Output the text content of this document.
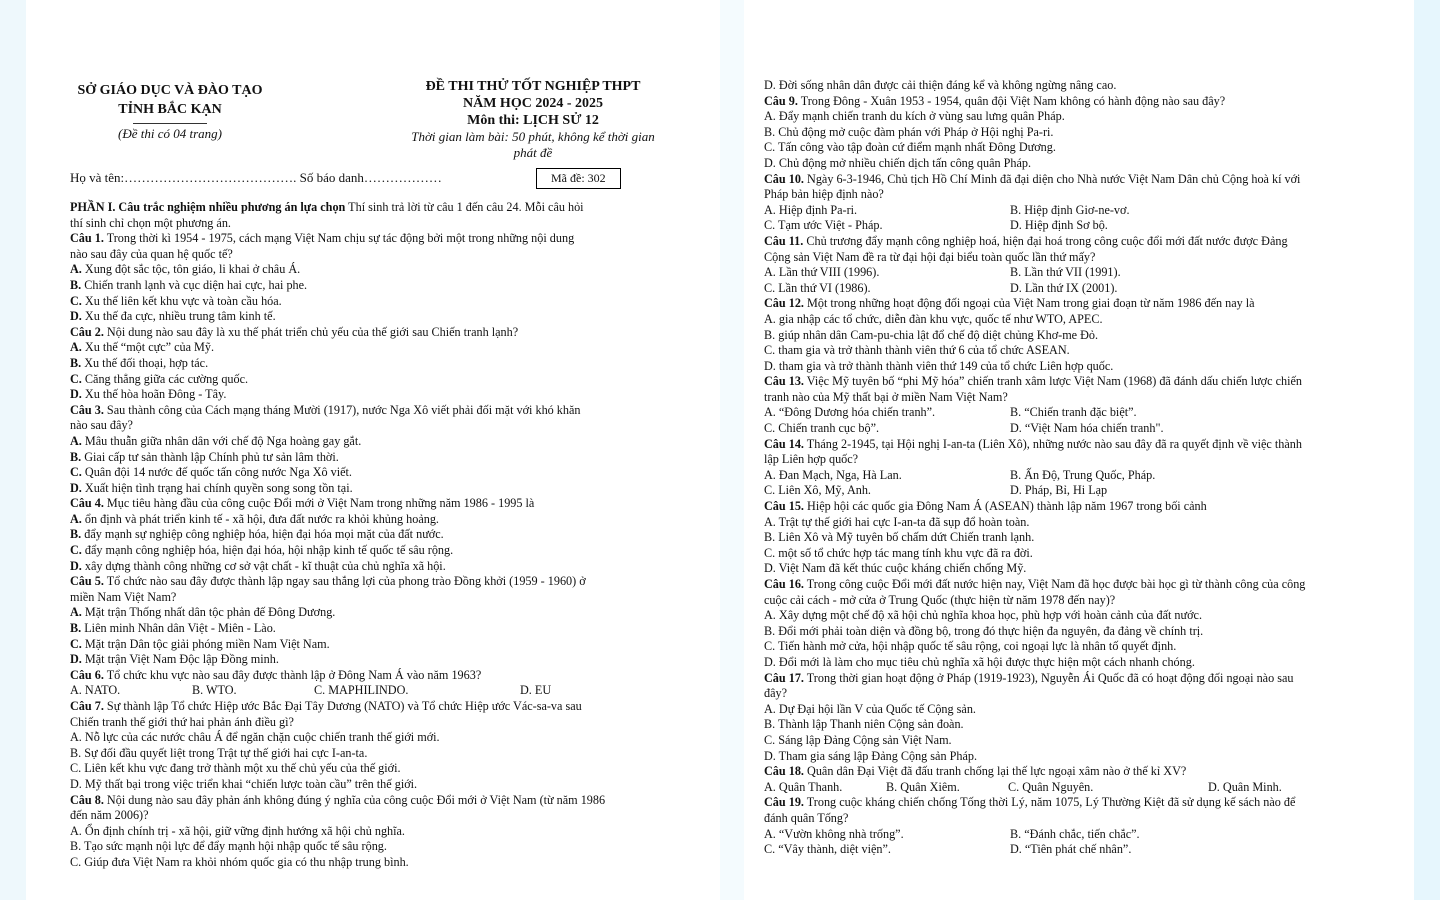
SỞ GIÁO DỤC VÀ ĐÀO TẠO
TỈNH BẮC KẠN
(Đề thi có 04 trang)
ĐỀ THI THỬ TỐT NGHIỆP THPT
NĂM HỌC 2024 - 2025
Môn thi: LỊCH SỬ 12
Thời gian làm bài: 50 phút, không kể thời gian
phát đề
Họ và tên:…………………………………. Số báo danh………………	Mã đề: 302
PHẦN I. Câu trắc nghiệm nhiều phương án lựa chọn Thí sinh trả lời từ câu 1 đến câu 24. Mỗi câu hỏi
thí sinh chỉ chọn một phương án.
Câu 1. Trong thời kì 1954 - 1975, cách mạng Việt Nam chịu sự tác động bởi một trong những nội dung
nào sau đây của quan hệ quốc tế?
A. Xung đột sắc tộc, tôn giáo, li khai ở châu Á.
B. Chiến tranh lạnh và cục diện hai cực, hai phe.
C. Xu thế liên kết khu vực và toàn cầu hóa.
D. Xu thế đa cực, nhiều trung tâm kinh tế.
Câu 2. Nội dung nào sau đây là xu thế phát triển chủ yếu của thế giới sau Chiến tranh lạnh?
A. Xu thế “một cực” của Mỹ.
B. Xu thế đối thoại, hợp tác.
C. Căng thẳng giữa các cường quốc.
D. Xu thế hòa hoãn Đông - Tây.
Câu 3. Sau thành công của Cách mạng tháng Mười (1917), nước Nga Xô viết phải đối mặt với khó khăn
nào sau đây?
A. Mâu thuẫn giữa nhân dân với chế độ Nga hoàng gay gắt.
B. Giai cấp tư sản thành lập Chính phủ tư sản lâm thời.
C. Quân đội 14 nước đế quốc tấn công nước Nga Xô viết.
D. Xuất hiện tình trạng hai chính quyền song song tồn tại.
Câu 4. Mục tiêu hàng đầu của công cuộc Đổi mới ở Việt Nam trong những năm 1986 - 1995 là
A. ổn định và phát triển kinh tế - xã hội, đưa đất nước ra khỏi khủng hoảng.
B. đẩy mạnh sự nghiệp công nghiệp hóa, hiện đại hóa mọi mặt của đất nước.
C. đẩy mạnh công nghiệp hóa, hiện đại hóa, hội nhập kinh tế quốc tế sâu rộng.
D. xây dựng thành công những cơ sở vật chất - kĩ thuật của chủ nghĩa xã hội.
Câu 5. Tổ chức nào sau đây được thành lập ngay sau thắng lợi của phong trào Đồng khởi (1959 - 1960) ở
miền Nam Việt Nam?
A. Mặt trận Thống nhất dân tộc phản đế Đông Dương.
B. Liên minh Nhân dân Việt - Miên - Lào.
C. Mặt trận Dân tộc giải phóng miền Nam Việt Nam.
D. Mặt trận Việt Nam Độc lập Đồng minh.
Câu 6. Tổ chức khu vực nào sau đây được thành lập ở Đông Nam Á vào năm 1963?
A. NATO.	B. WTO.	C. MAPHILINDO.	D. EU
Câu 7. Sự thành lập Tổ chức Hiệp ước Bắc Đại Tây Dương (NATO) và Tổ chức Hiệp ước Vác-sa-va sau
Chiến tranh thế giới thứ hai phản ánh điều gì?
A. Nỗ lực của các nước châu Á để ngăn chặn cuộc chiến tranh thế giới mới.
B. Sự đối đầu quyết liệt trong Trật tự thế giới hai cực I-an-ta.
C. Liên kết khu vực đang trở thành một xu thế chủ yếu của thế giới.
D. Mỹ thất bại trong việc triển khai “chiến lược toàn cầu” trên thế giới.
Câu 8. Nội dung nào sau đây phản ánh không đúng ý nghĩa của công cuộc Đổi mới ở Việt Nam (từ năm 1986
đến năm 2006)?
A. Ổn định chính trị - xã hội, giữ vững định hướng xã hội chủ nghĩa.
B. Tạo sức mạnh nội lực để đẩy mạnh hội nhập quốc tế sâu rộng.
C. Giúp đưa Việt Nam ra khỏi nhóm quốc gia có thu nhập trung bình.
D. Đời sống nhân dân được cải thiện đáng kể và không ngừng nâng cao.
Câu 9. Trong Đông - Xuân 1953 - 1954, quân đội Việt Nam không có hành động nào sau đây?
A. Đẩy mạnh chiến tranh du kích ở vùng sau lưng quân Pháp.
B. Chủ động mở cuộc đàm phán với Pháp ở Hội nghị Pa-ri.
C. Tấn công vào tập đoàn cứ điểm mạnh nhất Đông Dương.
D. Chủ động mở nhiều chiến dịch tấn công quân Pháp.
Câu 10. Ngày 6-3-1946, Chủ tịch Hồ Chí Minh đã đại diện cho Nhà nước Việt Nam Dân chủ Cộng hoà kí với
Pháp bản hiệp định nào?
A. Hiệp định Pa-ri.	B. Hiệp định Giơ-ne-vơ.
C. Tạm ước Việt - Pháp.	D. Hiệp định Sơ bộ.
Câu 11. Chủ trương đẩy mạnh công nghiệp hoá, hiện đại hoá trong công cuộc đổi mới đất nước được Đảng
Cộng sản Việt Nam đề ra từ đại hội đại biểu toàn quốc lần thứ mấy?
A. Lần thứ VIII (1996).	B. Lần thứ VII (1991).
C. Lần thứ VI (1986).	D. Lần thứ IX (2001).
Câu 12. Một trong những hoạt động đối ngoại của Việt Nam trong giai đoạn từ năm 1986 đến nay là
A. gia nhập các tổ chức, diễn đàn khu vực, quốc tế như WTO, APEC.
B. giúp nhân dân Cam-pu-chia lật đổ chế độ diệt chủng Khơ-me Đỏ.
C. tham gia và trở thành thành viên thứ 6 của tổ chức ASEAN.
D. tham gia và trở thành thành viên thứ 149 của tổ chức Liên hợp quốc.
Câu 13. Việc Mỹ tuyên bố “phi Mỹ hóa” chiến tranh xâm lược Việt Nam (1968) đã đánh dấu chiến lược chiến
tranh nào của Mỹ thất bại ở miền Nam Việt Nam?
A. “Đông Dương hóa chiến tranh”.	B. “Chiến tranh đặc biệt”.
C. Chiến tranh cục bộ”.	D. “Việt Nam hóa chiến tranh".
Câu 14. Tháng 2-1945, tại Hội nghị I-an-ta (Liên Xô), những nước nào sau đây đã ra quyết định về việc thành
lập Liên hợp quốc?
A. Đan Mạch, Nga, Hà Lan.	B. Ấn Độ, Trung Quốc, Pháp.
C. Liên Xô, Mỹ, Anh.	D. Pháp, Bỉ, Hi Lạp
Câu 15. Hiệp hội các quốc gia Đông Nam Á (ASEAN) thành lập năm 1967 trong bối cảnh
A. Trật tự thế giới hai cực I-an-ta đã sụp đổ hoàn toàn.
B. Liên Xô và Mỹ tuyên bố chấm dứt Chiến tranh lạnh.
C. một số tổ chức hợp tác mang tính khu vực đã ra đời.
D. Việt Nam đã kết thúc cuộc kháng chiến chống Mỹ.
Câu 16. Trong công cuộc Đổi mới đất nước hiện nay, Việt Nam đã học được bài học gì từ thành công của công
cuộc cải cách - mở cửa ở Trung Quốc (thực hiện từ năm 1978 đến nay)?
A. Xây dựng một chế độ xã hội chủ nghĩa khoa học, phù hợp với hoàn cảnh của đất nước.
B. Đổi mới phải toàn diện và đồng bộ, trong đó thực hiện đa nguyên, đa đảng về chính trị.
C. Tiến hành mở cửa, hội nhập quốc tế sâu rộng, coi ngoại lực là nhân tố quyết định.
D. Đổi mới là làm cho mục tiêu chủ nghĩa xã hội được thực hiện một cách nhanh chóng.
Câu 17. Trong thời gian hoạt động ở Pháp (1919-1923), Nguyễn Ái Quốc đã có hoạt động đối ngoại nào sau
đây?
A. Dự Đại hội lần V của Quốc tế Cộng sản.
B. Thành lập Thanh niên Cộng sản đoàn.
C. Sáng lập Đảng Cộng sản Việt Nam.
D. Tham gia sáng lập Đảng Cộng sản Pháp.
Câu 18. Quân dân Đại Việt đã đấu tranh chống lại thế lực ngoại xâm nào ở thế kỉ XV?
A. Quân Thanh.	B. Quân Xiêm.	C. Quân Nguyên.	D. Quân Minh.
Câu 19. Trong cuộc kháng chiến chống Tống thời Lý, năm 1075, Lý Thường Kiệt đã sử dụng kế sách nào để
đánh quân Tống?
A. “Vườn không nhà trống”.	B. “Đánh chắc, tiến chắc”.
C. “Vây thành, diệt viện”.	D. “Tiên phát chế nhân”.
